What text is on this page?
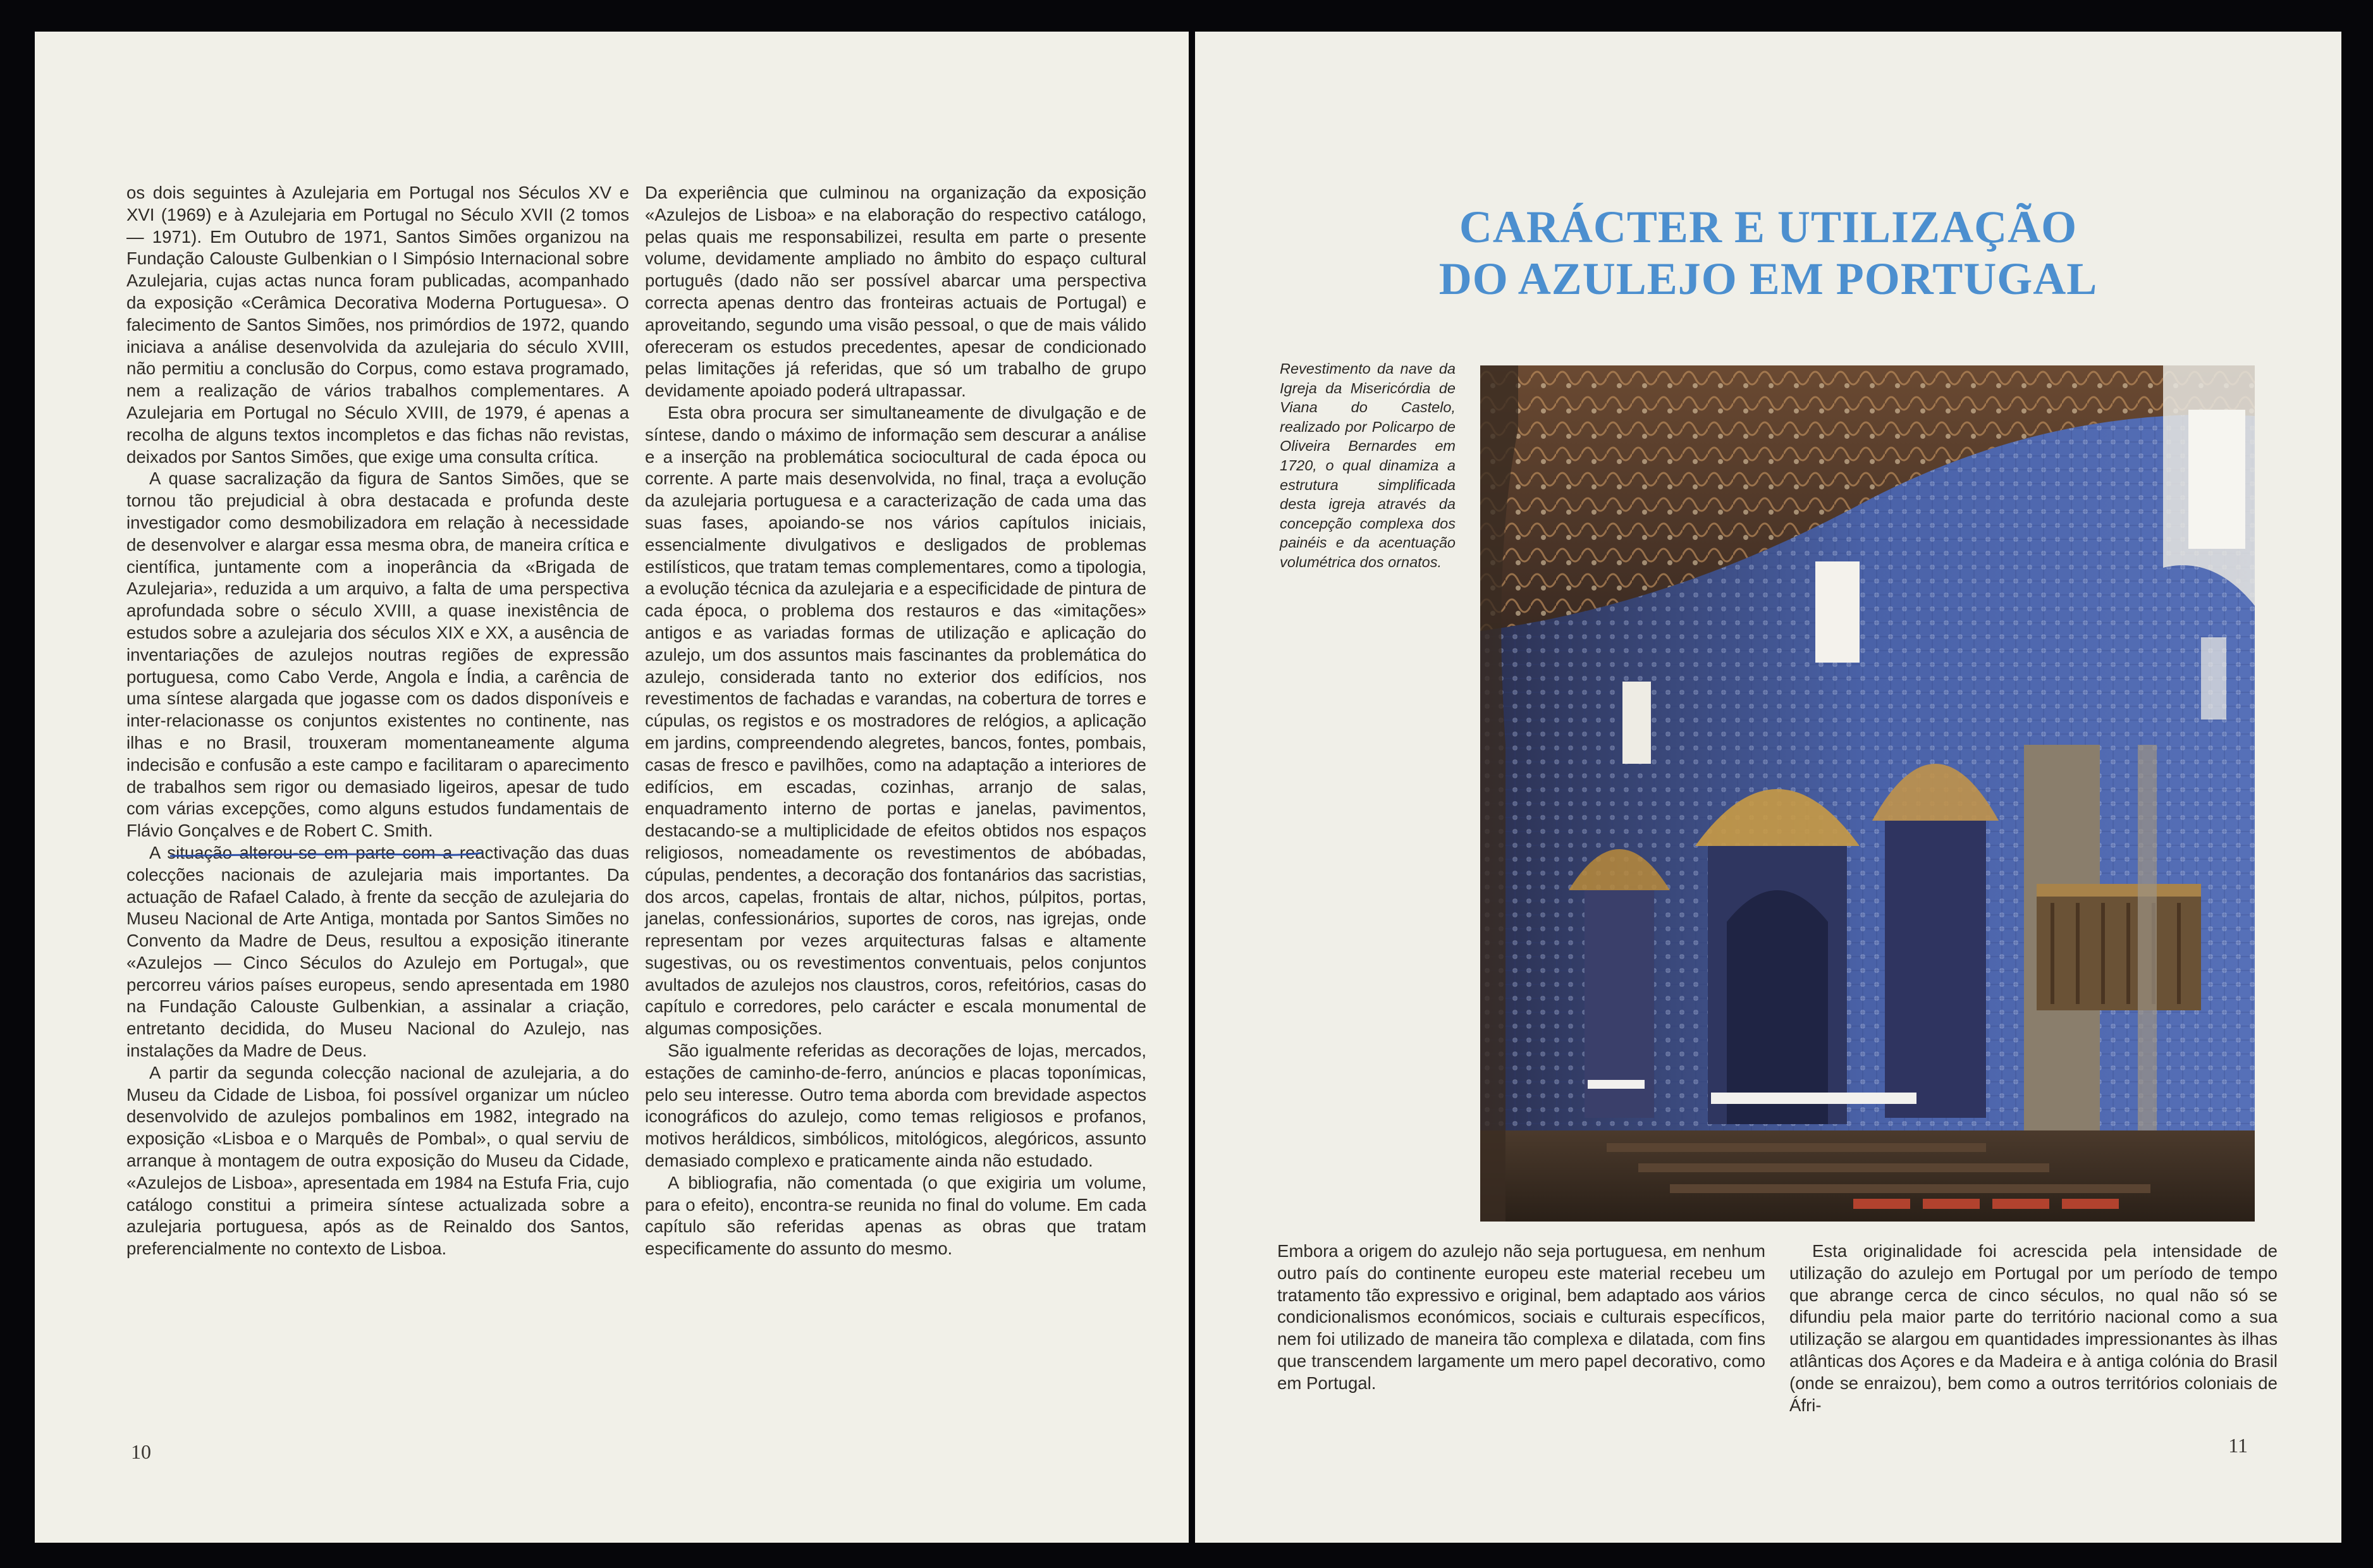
os dois seguintes à Azulejaria em Portugal nos Séculos XV e XVI (1969) e à Azulejaria em Portugal no Século XVII (2 tomos — 1971). Em Outubro de 1971, Santos Simões organizou na Fundação Calouste Gulbenkian o I Simpósio Internacional sobre Azulejaria, cujas actas nunca foram publicadas, acompanhado da exposição «Cerâmica Decorativa Moderna Portuguesa». O falecimento de Santos Simões, nos primórdios de 1972, quando iniciava a análise desenvolvida da azulejaria do século XVIII, não permitiu a conclusão do Corpus, como estava programado, nem a realização de vários trabalhos complementares. A Azulejaria em Portugal no Século XVIII, de 1979, é apenas a recolha de alguns textos incompletos e das fichas não revistas, deixados por Santos Simões, que exige uma consulta crítica.

A quase sacralização da figura de Santos Simões, que se tornou tão prejudicial à obra destacada e profunda deste investigador como desmobilizadora em relação à necessidade de desenvolver e alargar essa mesma obra, de maneira crítica e científica, juntamente com a inoperância da «Brigada de Azulejaria», reduzida a um arquivo, a falta de uma perspectiva aprofundada sobre o século XVIII, a quase inexistência de estudos sobre a azulejaria dos séculos XIX e XX, a ausência de inventariações de azulejos noutras regiões de expressão portuguesa, como Cabo Verde, Angola e Índia, a carência de uma síntese alargada que jogasse com os dados disponíveis e inter-relacionasse os conjuntos existentes no continente, nas ilhas e no Brasil, trouxeram momentaneamente alguma indecisão e confusão a este campo e facilitaram o aparecimento de trabalhos sem rigor ou demasiado ligeiros, apesar de tudo com várias excepções, como alguns estudos fundamentais de Flávio Gonçalves e de Robert C. Smith.

A situação alterou-se em parte com a reactivação das duas colecções nacionais de azulejaria mais importantes. Da actuação de Rafael Calado, à frente da secção de azulejaria do Museu Nacional de Arte Antiga, montada por Santos Simões no Convento da Madre de Deus, resultou a exposição itinerante «Azulejos — Cinco Séculos do Azulejo em Portugal», que percorreu vários países europeus, sendo apresentada em 1980 na Fundação Calouste Gulbenkian, a assinalar a criação, entretanto decidida, do Museu Nacional do Azulejo, nas instalações da Madre de Deus.

A partir da segunda colecção nacional de azulejaria, a do Museu da Cidade de Lisboa, foi possível organizar um núcleo desenvolvido de azulejos pombalinos em 1982, integrado na exposição «Lisboa e o Marquês de Pombal», o qual serviu de arranque à montagem de outra exposição do Museu da Cidade, «Azulejos de Lisboa», apresentada em 1984 na Estufa Fria, cujo catálogo constitui a primeira síntese actualizada sobre a azulejaria portuguesa, após as de Reinaldo dos Santos, preferencialmente no contexto de Lisboa.

Da experiência que culminou na organização da exposição «Azulejos de Lisboa» e na elaboração do respectivo catálogo, pelas quais me responsabilizei, resulta em parte o presente volume, devidamente ampliado no âmbito do espaço cultural português (dado não ser possível abarcar uma perspectiva correcta apenas dentro das fronteiras actuais de Portugal) e aproveitando, segundo uma visão pessoal, o que de mais válido ofereceram os estudos precedentes, apesar de condicionado pelas limitações já referidas, que só um trabalho de grupo devidamente apoiado poderá ultrapassar.

Esta obra procura ser simultaneamente de divulgação e de síntese, dando o máximo de informação sem descurar a análise e a inserção na problemática sociocultural de cada época ou corrente. A parte mais desenvolvida, no final, traça a evolução da azulejaria portuguesa e a caracterização de cada uma das suas fases, apoiando-se nos vários capítulos iniciais, essencialmente divulgativos e desligados de problemas estilísticos, que tratam temas complementares, como a tipologia, a evolução técnica da azulejaria e a especificidade de pintura de cada época, o problema dos restauros e das «imitações» antigos e as variadas formas de utilização e aplicação do azulejo, um dos assuntos mais fascinantes da problemática do azulejo, considerada tanto no exterior dos edifícios, nos revestimentos de fachadas e varandas, na cobertura de torres e cúpulas, os registos e os mostradores de relógios, a aplicação em jardins, compreendendo alegretes, bancos, fontes, pombais, casas de fresco e pavilhões, como na adaptação a interiores de edifícios, em escadas, cozinhas, arranjo de salas, enquadramento interno de portas e janelas, pavimentos, destacando-se a multiplicidade de efeitos obtidos nos espaços religiosos, nomeadamente os revestimentos de abóbadas, cúpulas, pendentes, a decoração dos fontanários das sacristias, dos arcos, capelas, frontais de altar, nichos, púlpitos, portas, janelas, confessionários, suportes de coros, nas igrejas, onde representam por vezes arquitecturas falsas e altamente sugestivas, ou os revestimentos conventuais, pelos conjuntos avultados de azulejos nos claustros, coros, refeitórios, casas do capítulo e corredores, pelo carácter e escala monumental de algumas composições.

São igualmente referidas as decorações de lojas, mercados, estações de caminho-de-ferro, anúncios e placas toponímicas, pelo seu interesse. Outro tema aborda com brevidade aspectos iconográficos do azulejo, como temas religiosos e profanos, motivos heráldicos, simbólicos, mitológicos, alegóricos, assunto demasiado complexo e praticamente ainda não estudado.

A bibliografia, não comentada (o que exigiria um volume, para o efeito), encontra-se reunida no final do volume. Em cada capítulo são referidas apenas as obras que tratam especificamente do assunto do mesmo.

10
CARÁCTER E UTILIZAÇÃO
DO AZULEJO EM PORTUGAL
Revestimento da nave da Igreja da Misericórdia de Viana do Castelo, realizado por Policarpo de Oliveira Bernardes em 1720, o qual dinamiza a estrutura simplificada desta igreja através da concepção complexa dos painéis e da acentuação volumétrica dos ornatos.

Embora a origem do azulejo não seja portuguesa, em nenhum outro país do continente europeu este material recebeu um tratamento tão expressivo e original, bem adaptado aos vários condicionalismos económicos, sociais e culturais específicos, nem foi utilizado de maneira tão complexa e dilatada, com fins que transcendem largamente um mero papel decorativo, como em Portugal.

Esta originalidade foi acrescida pela intensidade de utilização do azulejo em Portugal por um período de tempo que abrange cerca de cinco séculos, no qual não só se difundiu pela maior parte do território nacional como a sua utilização se alargou em quantidades impressionantes às ilhas atlânticas dos Açores e da Madeira e à antiga colónia do Brasil (onde se enraizou), bem como a outros territórios coloniais de Áfri-

11
